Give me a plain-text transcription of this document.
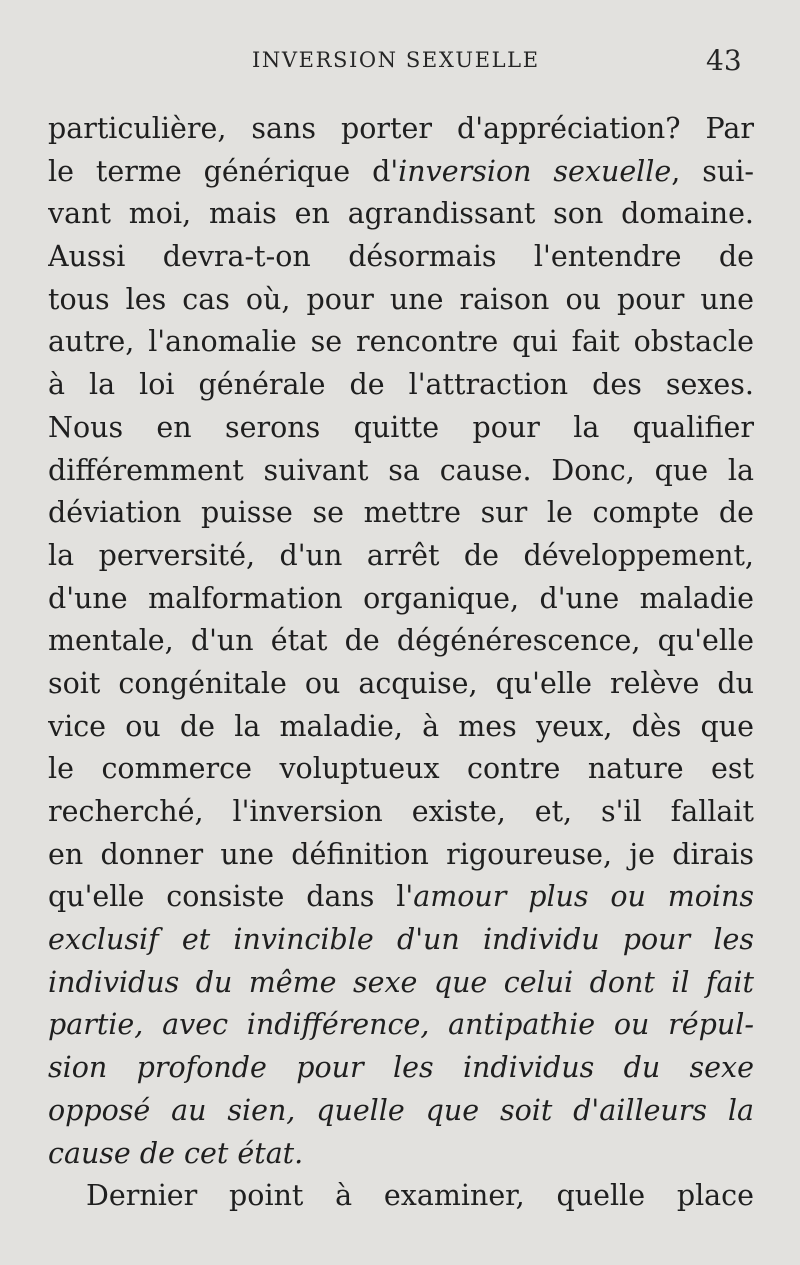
INVERSION SEXUELLE	43
particulière, sans porter d'appréciation? Par
le terme générique d'inversion sexuelle, sui-
vant moi, mais en agrandissant son domaine.
Aussi devra-t-on désormais l'entendre de
tous les cas où, pour une raison ou pour une
autre, l'anomalie se rencontre qui fait obstacle
à la loi générale de l'attraction des sexes.
Nous en serons quitte pour la qualifier
différemment suivant sa cause. Donc, que la
déviation puisse se mettre sur le compte de
la perversité, d'un arrêt de développement,
d'une malformation organique, d'une maladie
mentale, d'un état de dégénérescence, qu'elle
soit congénitale ou acquise, qu'elle relève du
vice ou de la maladie, à mes yeux, dès que
le commerce voluptueux contre nature est
recherché, l'inversion existe, et, s'il fallait
en donner une définition rigoureuse, je dirais
qu'elle consiste dans l'amour plus ou moins
exclusif et invincible d'un individu pour les
individus du même sexe que celui dont il fait
partie, avec indifférence, antipathie ou répul-
sion profonde pour les individus du sexe
opposé au sien, quelle que soit d'ailleurs la
cause de cet état.
Dernier point à examiner, quelle place
